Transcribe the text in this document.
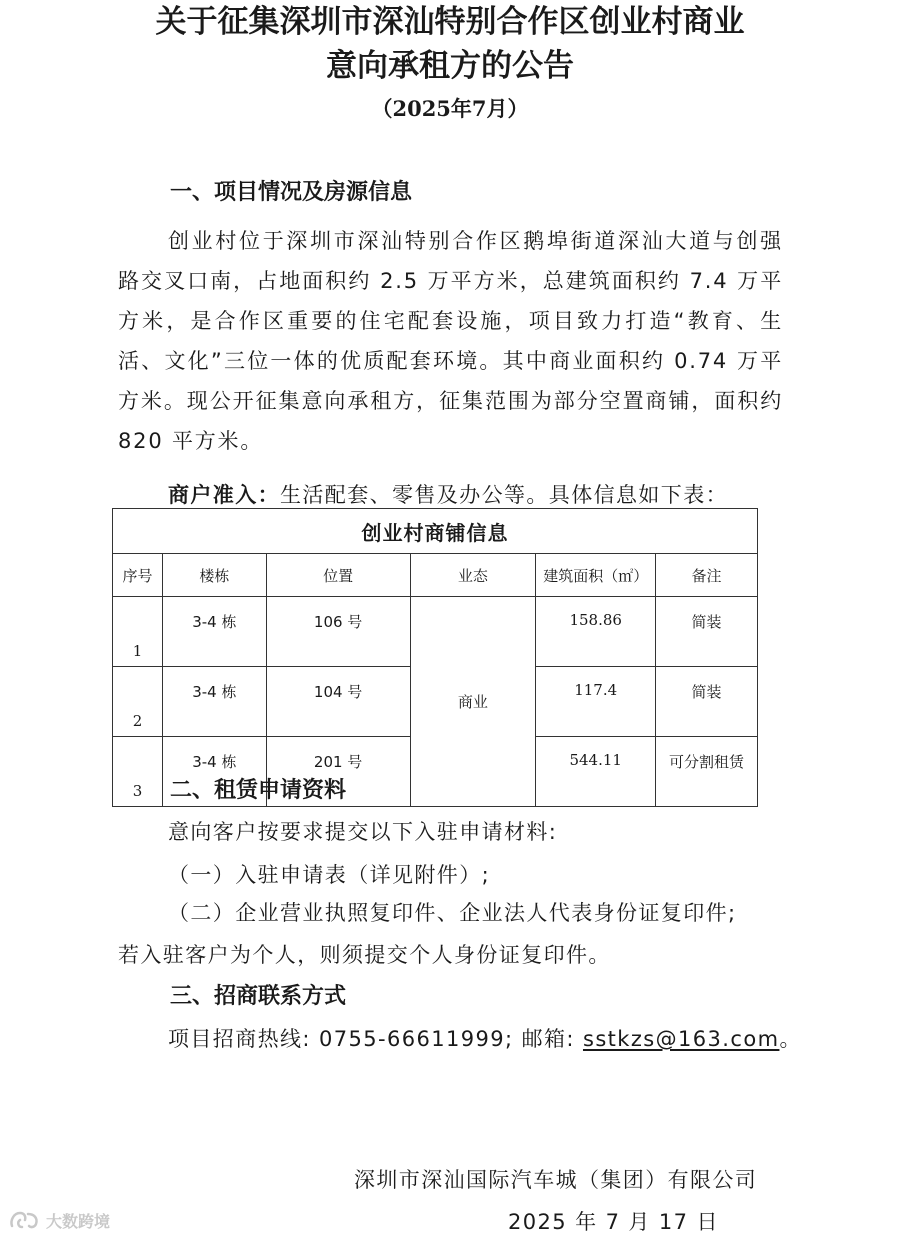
关于征集深圳市深汕特别合作区创业村商业
意向承租方的公告
（2025年7月）
一、项目情况及房源信息

创业村位于深圳市深汕特别合作区鹅埠街道深汕大道与创强路交叉口南，占地面积约 2.5 万平方米，总建筑面积约 7.4 万平方米，是合作区重要的住宅配套设施，项目致力打造“教育、生活、文化”三位一体的优质配套环境。其中商业面积约 0.74 万平方米。现公开征集意向承租方，征集范围为部分空置商铺，面积约 820 平方米。

商户准入：生活配套、零售及办公等。具体信息如下表：
创业村商铺信息					
序号	楼栋	位置	业态	建筑面积（㎡）	备注
1	3-4 栋	106 号	商业	158.86	简装
2	3-4 栋	104 号		117.4	简装
3	3-4 栋	201 号		544.11	可分割租赁
二、租赁申请资料
意向客户按要求提交以下入驻申请材料:
（一）入驻申请表（详见附件）;
（二）企业营业执照复印件、企业法人代表身份证复印件;
若入驻客户为个人，则须提交个人身份证复印件。
三、招商联系方式
项目招商热线: 0755-66611999; 邮箱: sstkzs@163.com。
深圳市深汕国际汽车城（集团）有限公司
2025 年 7 月 17 日
大数跨境
